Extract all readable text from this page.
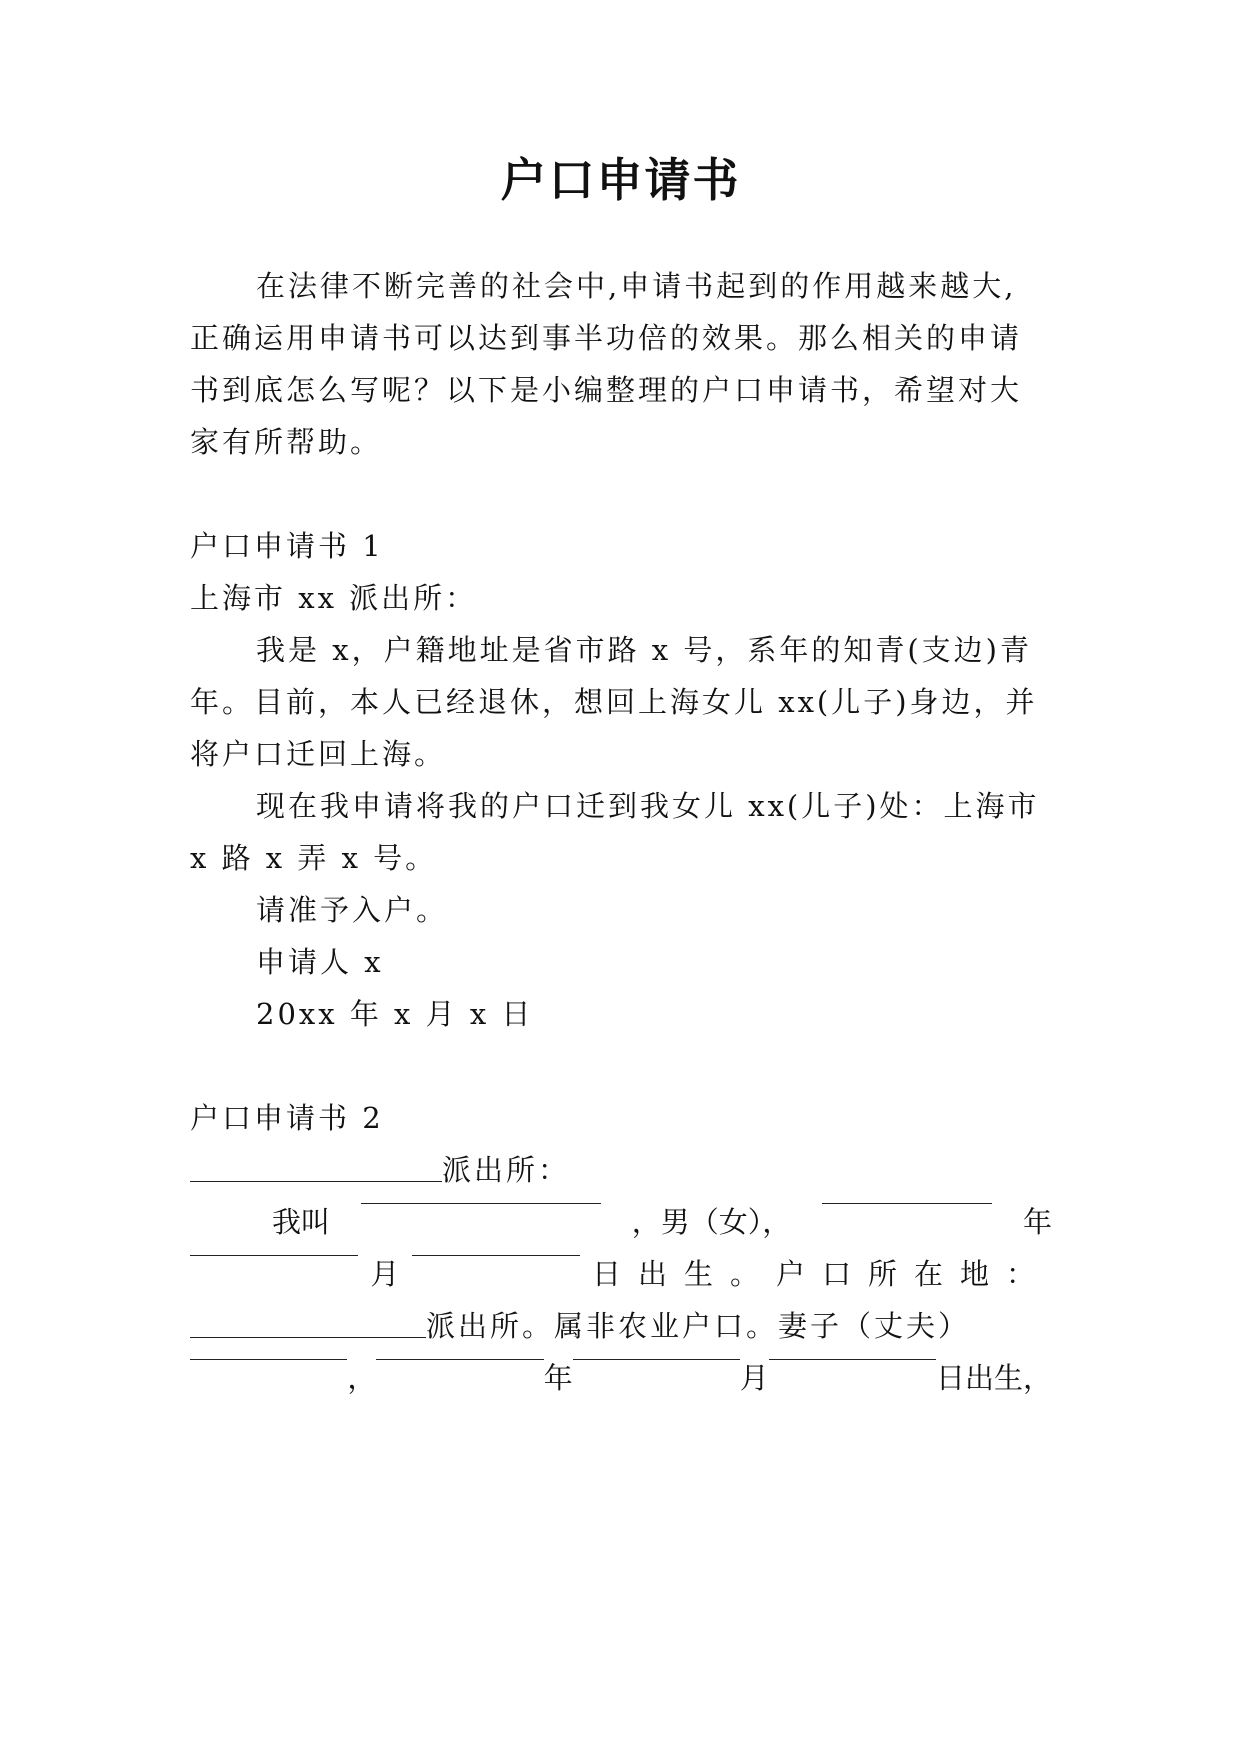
户口申请书
在法律不断完善的社会中,申请书起到的作用越来越大,
正确运用申请书可以达到事半功倍的效果。那么相关的申请
书到底怎么写呢？以下是小编整理的户口申请书，希望对大
家有所帮助。
户口申请书 1
上海市 xx 派出所：
我是 x，户籍地址是省市路 x 号，系年的知青(支边)青
年。目前，本人已经退休，想回上海女儿 xx(儿子)身边，并
将户口迁回上海。
现在我申请将我的户口迁到我女儿 xx(儿子)处：上海市
x 路 x 弄 x 号。
请准予入户。
申请人 x
20xx 年 x 月 x 日
户口申请书 2
派出所：
我叫	，男（女），	年
月	日出生。户口所在地：
派出所。属非农业户口。妻子（丈夫）
，	年	月	日出生，
